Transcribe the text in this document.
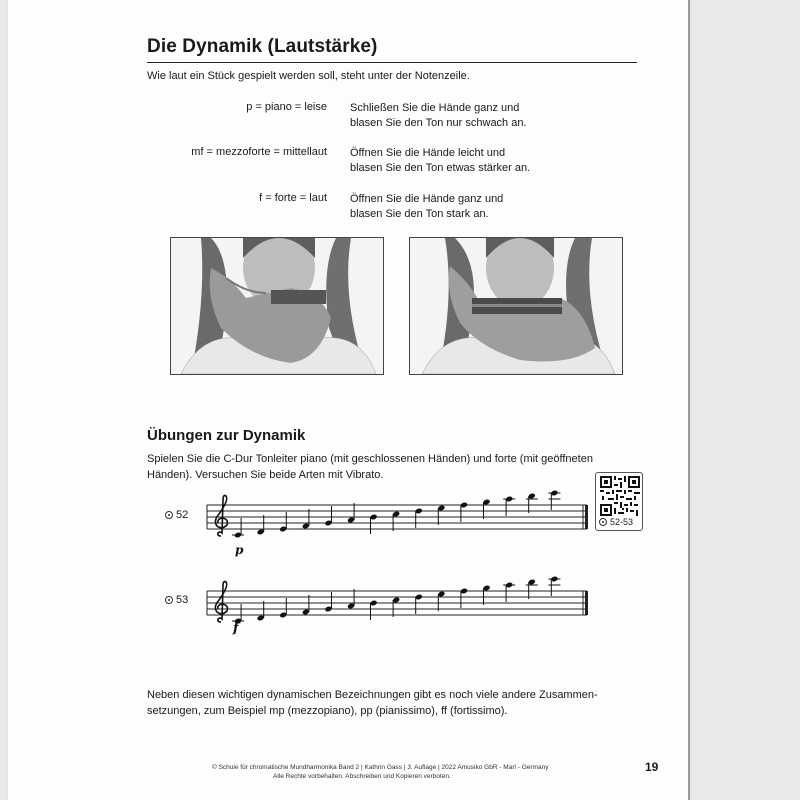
Die Dynamik (Lautstärke)
Wie laut ein Stück gespielt werden soll, steht unter der Notenzeile.
p = piano = leise Schließen Sie die Hände ganz und
blasen Sie den Ton nur schwach an.
mf = mezzoforte = mittellaut Öffnen Sie die Hände leicht und
blasen Sie den Ton etwas stärker an.
f = forte = laut Öffnen Sie die Hände ganz und
blasen Sie den Ton stark an.
Übungen zur Dynamik
Spielen Sie die C-Dur Tonleiter piano (mit geschlossenen Händen) und forte (mit geöffneten
Händen). Versuchen Sie beide Arten mit Vibrato.
52-53
52
p
53
f
Neben diesen wichtigen dynamischen Bezeichnungen gibt es noch viele andere Zusammen-
setzungen, zum Beispiel mp (mezzopiano), pp (pianissimo), ff (fortissimo).
© Schule für chromatische Mundharmonika Band 2 | Kathrin Gass | 3. Auflage | 2022 Amusiko GbR - Marl - Germany
Alle Rechte vorbehalten. Abschreiben und Kopieren verboten.
19
